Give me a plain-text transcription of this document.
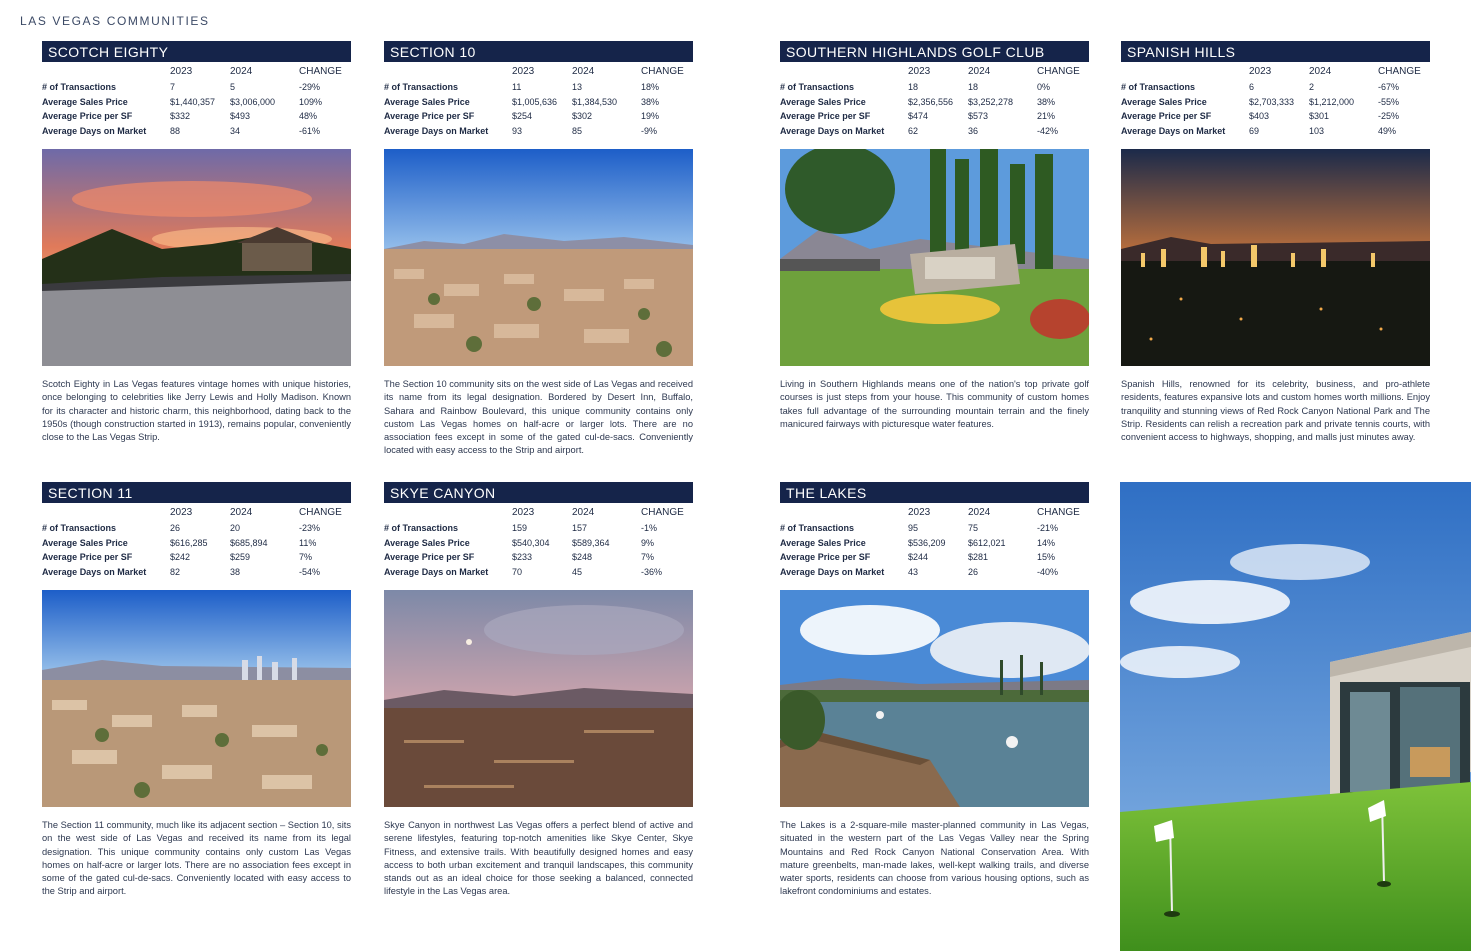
LAS VEGAS COMMUNITIES
SCOTCH EIGHTY
	2023	2024	CHANGE
# of Transactions	7	5	-29%
Average Sales Price	$1,440,357	$3,006,000	109%
Average Price per SF	$332	$493	48%
Average Days on Market	88	34	-61%
Scotch Eighty in Las Vegas features vintage homes with unique histories, once belonging to celebrities like Jerry Lewis and Holly Madison. Known for its character and historic charm, this neighborhood, dating back to the 1950s (though construction started in 1913), remains popular, conveniently close to the Las Vegas Strip.
SECTION 10
	2023	2024	CHANGE
# of Transactions	11	13	18%
Average Sales Price	$1,005,636	$1,384,530	38%
Average Price per SF	$254	$302	19%
Average Days on Market	93	85	-9%
The Section 10 community sits on the west side of Las Vegas and received its name from its legal designation. Bordered by Desert Inn, Buffalo, Sahara and Rainbow Boulevard, this unique community contains only custom Las Vegas homes on half-acre or larger lots. There are no association fees except in some of the gated cul-de-sacs. Conveniently located with easy access to the Strip and airport.
SOUTHERN HIGHLANDS GOLF CLUB
	2023	2024	CHANGE
# of Transactions	18	18	0%
Average Sales Price	$2,356,556	$3,252,278	38%
Average Price per SF	$474	$573	21%
Average Days on Market	62	36	-42%
Living in Southern Highlands means one of the nation's top private golf courses is just steps from your house. This community of custom homes takes full advantage of the surrounding mountain terrain and the finely manicured fairways with picturesque water features.
SPANISH HILLS
	2023	2024	CHANGE
# of Transactions	6	2	-67%
Average Sales Price	$2,703,333	$1,212,000	-55%
Average Price per SF	$403	$301	-25%
Average Days on Market	69	103	49%
Spanish Hills, renowned for its celebrity, business, and pro-athlete residents, features expansive lots and custom homes worth millions. Enjoy tranquility and stunning views of Red Rock Canyon National Park and The Strip. Residents can relish a recreation park and private tennis courts, with convenient access to highways, shopping, and malls just minutes away.
SECTION 11
	2023	2024	CHANGE
# of Transactions	26	20	-23%
Average Sales Price	$616,285	$685,894	11%
Average Price per SF	$242	$259	7%
Average Days on Market	82	38	-54%
The Section 11 community, much like its adjacent section – Section 10, sits on the west side of Las Vegas and received its name from its legal designation. This unique community contains only custom Las Vegas homes on half-acre or larger lots. There are no association fees except in some of the gated cul-de-sacs. Conveniently located with easy access to the Strip and airport.
SKYE CANYON
	2023	2024	CHANGE
# of Transactions	159	157	-1%
Average Sales Price	$540,304	$589,364	9%
Average Price per SF	$233	$248	7%
Average Days on Market	70	45	-36%
Skye Canyon in northwest Las Vegas offers a perfect blend of active and serene lifestyles, featuring top-notch amenities like Skye Center, Skye Fitness, and extensive trails. With beautifully designed homes and easy access to both urban excitement and tranquil landscapes, this community stands out as an ideal choice for those seeking a balanced, connected lifestyle in the Las Vegas area.
THE LAKES
	2023	2024	CHANGE
# of Transactions	95	75	-21%
Average Sales Price	$536,209	$612,021	14%
Average Price per SF	$244	$281	15%
Average Days on Market	43	26	-40%
The Lakes is a 2-square-mile master-planned community in Las Vegas, situated in the western part of the Las Vegas Valley near the Spring Mountains and Red Rock Canyon National Conservation Area. With mature greenbelts, man-made lakes, well-kept walking trails, and diverse water sports, residents can choose from various housing options, such as lakefront condominiums and estates.
